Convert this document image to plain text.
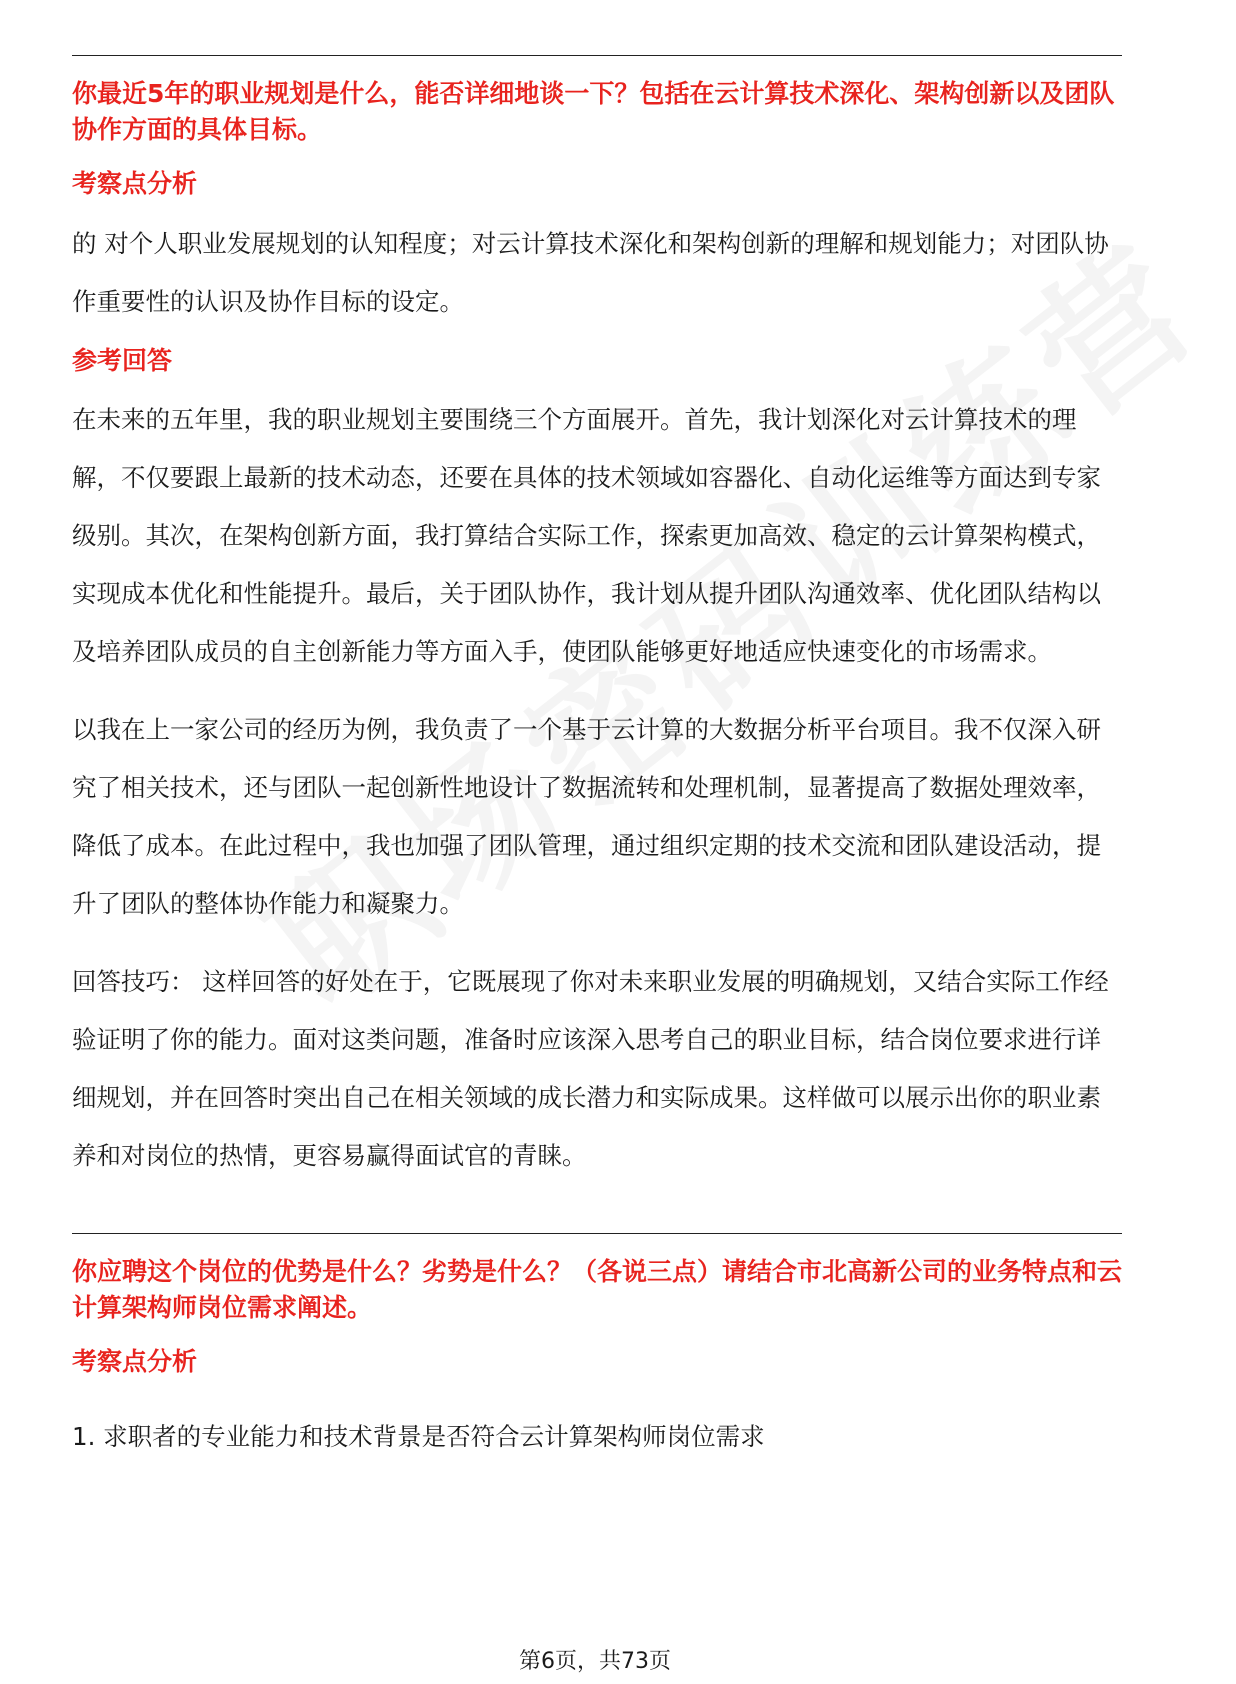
你最近5年的职业规划是什么，能否详细地谈一下？包括在云计算技术深化、架构创新以及团队协作方面的具体目标。
考察点分析

的 对个人职业发展规划的认知程度；对云计算技术深化和架构创新的理解和规划能力；对团队协作重要性的认识及协作目标的设定。

参考回答

在未来的五年里，我的职业规划主要围绕三个方面展开。首先，我计划深化对云计算技术的理解，不仅要跟上最新的技术动态，还要在具体的技术领域如容器化、自动化运维等方面达到专家级别。其次，在架构创新方面，我打算结合实际工作，探索更加高效、稳定的云计算架构模式，实现成本优化和性能提升。最后，关于团队协作，我计划从提升团队沟通效率、优化团队结构以及培养团队成员的自主创新能力等方面入手，使团队能够更好地适应快速变化的市场需求。

以我在上一家公司的经历为例，我负责了一个基于云计算的大数据分析平台项目。我不仅深入研究了相关技术，还与团队一起创新性地设计了数据流转和处理机制，显著提高了数据处理效率，降低了成本。在此过程中，我也加强了团队管理，通过组织定期的技术交流和团队建设活动，提升了团队的整体协作能力和凝聚力。

回答技巧： 这样回答的好处在于，它既展现了你对未来职业发展的明确规划，又结合实际工作经验证明了你的能力。面对这类问题，准备时应该深入思考自己的职业目标，结合岗位要求进行详细规划，并在回答时突出自己在相关领域的成长潜力和实际成果。这样做可以展示出你的职业素养和对岗位的热情，更容易赢得面试官的青睐。

你应聘这个岗位的优势是什么？劣势是什么？（各说三点）请结合市北高新公司的业务特点和云计算架构师岗位需求阐述。
考察点分析

1. 求职者的专业能力和技术背景是否符合云计算架构师岗位需求

第6页，共73页
